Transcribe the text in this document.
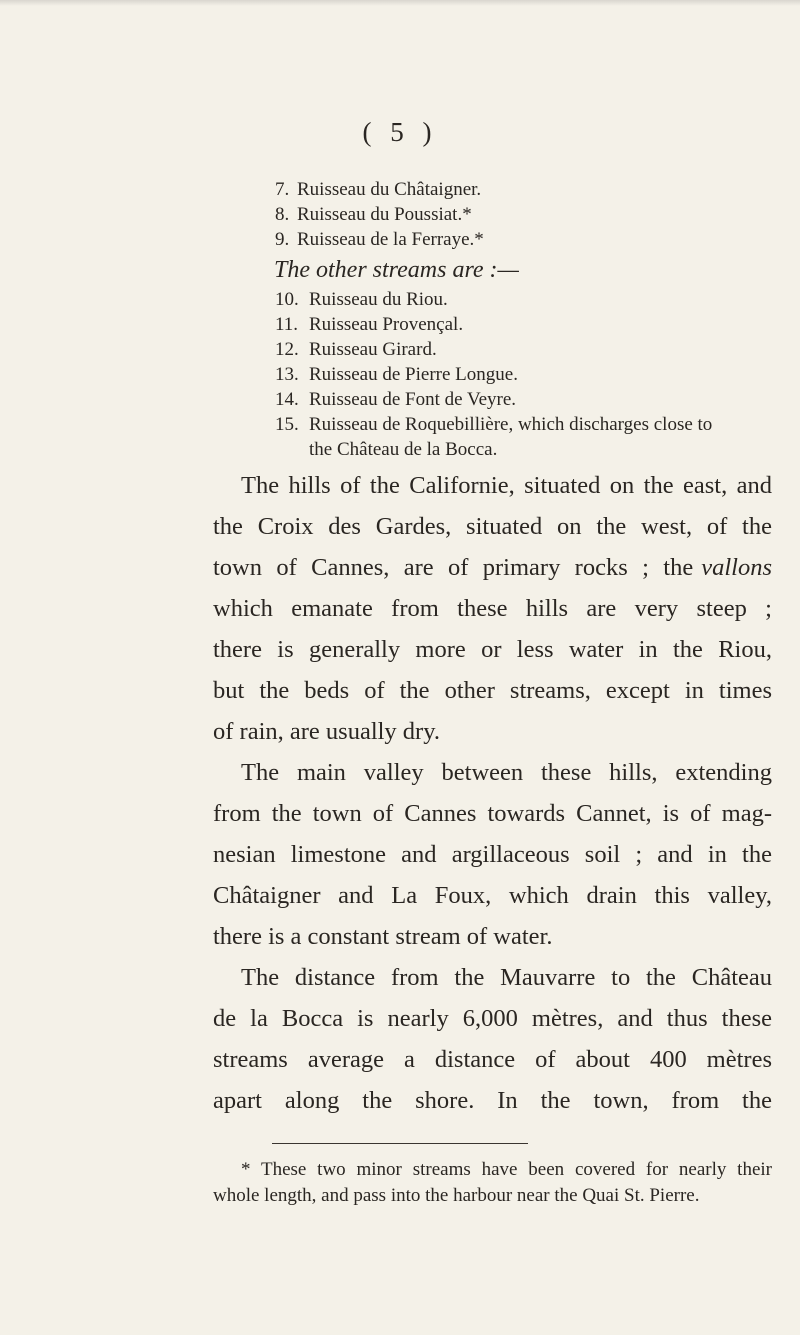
( 5 )
7. Ruisseau du Châtaigner.
8. Ruisseau du Poussiat.*
9. Ruisseau de la Ferraye.*
The other streams are :—
10. Ruisseau du Riou.
11. Ruisseau Provençal.
12. Ruisseau Girard.
13. Ruisseau de Pierre Longue.
14. Ruisseau de Font de Veyre.
15. Ruisseau de Roquebillière, which discharges close to
the Château de la Bocca.
The hills of the Californie, situated on the east, and
the Croix des Gardes, situated on the west, of the
town of Cannes, are of primary rocks ; the vallons
which emanate from these hills are very steep ;
there is generally more or less water in the Riou,
but the beds of the other streams, except in times
of rain, are usually dry.
The main valley between these hills, extending
from the town of Cannes towards Cannet, is of mag-
nesian limestone and argillaceous soil ; and in the
Châtaigner and La Foux, which drain this valley,
there is a constant stream of water.
The distance from the Mauvarre to the Château
de la Bocca is nearly 6,000 mètres, and thus these
streams average a distance of about 400 mètres
apart along the shore. In the town, from the
* These two minor streams have been covered for nearly their
whole length, and pass into the harbour near the Quai St. Pierre.
